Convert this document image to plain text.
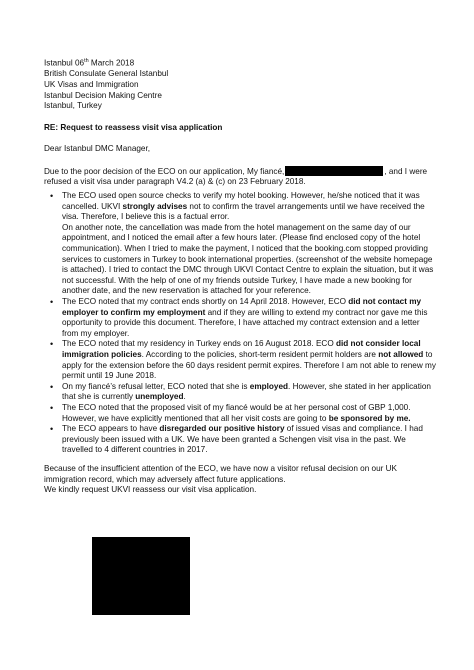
Istanbul 06th March 2018
British Consulate General Istanbul
UK Visas and Immigration
Istanbul Decision Making Centre
Istanbul, Turkey
RE: Request to reassess visit visa application
Dear Istanbul DMC Manager,
Due to the poor decision of the ECO on our application, My fiancé,	, and I were refused a visit visa under paragraph V4.2 (a) & (c) on 23 February 2018.
• The ECO used open source checks to verify my hotel booking. However, he/she noticed that it was cancelled. UKVI strongly advises not to confirm the travel arrangements until we have received the visa. Therefore, I believe this is a factual error.
On another note, the cancellation was made from the hotel management on the same day of our appointment, and I noticed the email after a few hours later. (Please find enclosed copy of the hotel communication). When I tried to make the payment, I noticed that the booking.com stopped providing services to customers in Turkey to book international properties. (screenshot of the website homepage is attached). I tried to contact the DMC through UKVI Contact Centre to explain the situation, but it was not successful. With the help of one of my friends outside Turkey, I have made a new booking for another date, and the new reservation is attached for your reference.
• The ECO noted that my contract ends shortly on 14 April 2018. However, ECO did not contact my employer to confirm my employment and if they are willing to extend my contract nor gave me this opportunity to provide this document. Therefore, I have attached my contract extension and a letter from my employer.
• The ECO noted that my residency in Turkey ends on 16 August 2018. ECO did not consider local immigration policies. According to the policies, short-term resident permit holders are not allowed to apply for the extension before the 60 days resident permit expires. Therefore I am not able to renew my permit until 19 June 2018.
• On my fiancé’s refusal letter, ECO noted that she is employed. However, she stated in her application that she is currently unemployed.
• The ECO noted that the proposed visit of my fiancé would be at her personal cost of GBP 1,000. However, we have explicitly mentioned that all her visit costs are going to be sponsored by me.
• The ECO appears to have disregarded our positive history of issued visas and compliance. I had previously been issued with a UK. We have been granted a Schengen visit visa in the past. We travelled to 4 different countries in 2017.
Because of the insufficient attention of the ECO, we have now a visitor refusal decision on our UK immigration record, which may adversely affect future applications.
We kindly request UKVI reassess our visit visa application.
